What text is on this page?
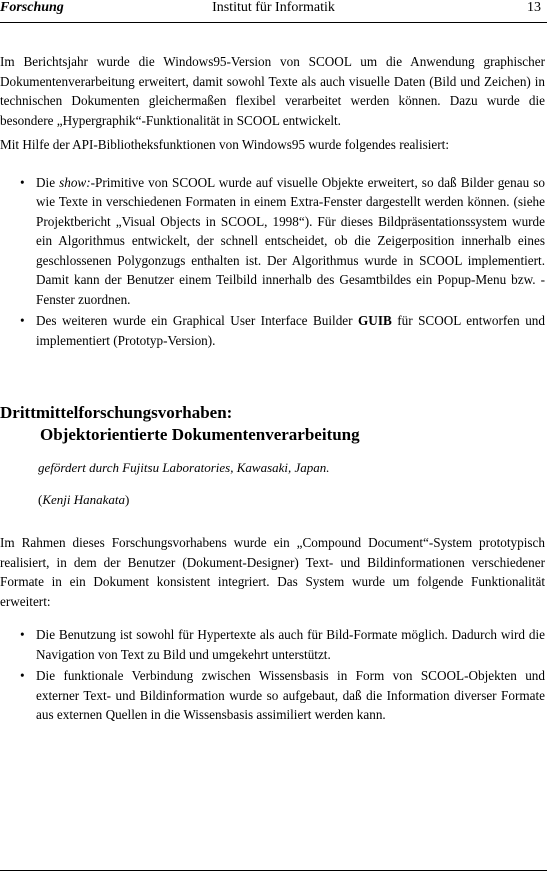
Forschung	Institut für Informatik	13

Im Berichtsjahr wurde die Windows95-Version von SCOOL um die Anwendung graphischer Dokumentenverarbeitung erweitert, damit sowohl Texte als auch visuelle Daten (Bild und Zeichen) in technischen Dokumenten gleichermaßen flexibel verarbeitet werden können. Dazu wurde die besondere „Hypergraphik“-Funktionalität in SCOOL entwickelt.

Mit Hilfe der API-Bibliotheksfunktionen von Windows95 wurde folgendes realisiert:

• Die show:-Primitive von SCOOL wurde auf visuelle Objekte erweitert, so daß Bilder genau so wie Texte in verschiedenen Formaten in einem Extra-Fenster dargestellt werden können. (siehe Projektbericht „Visual Objects in SCOOL, 1998“). Für dieses Bildpräsentationssystem wurde ein Algorithmus entwickelt, der schnell entscheidet, ob die Zeigerposition innerhalb eines geschlossenen Polygonzugs enthalten ist. Der Algorithmus wurde in SCOOL implementiert. Damit kann der Benutzer einem Teilbild innerhalb des Gesamtbildes ein Popup-Menu bzw. -Fenster zuordnen.
• Des weiteren wurde ein Graphical User Interface Builder GUIB für SCOOL entworfen und implementiert (Prototyp-Version).
Drittmittelforschungsvorhaben:
Objektorientierte Dokumentenverarbeitung
gefördert durch Fujitsu Laboratories, Kawasaki, Japan.
(Kenji Hanakata)

Im Rahmen dieses Forschungsvorhabens wurde ein „Compound Document“-System prototypisch realisiert, in dem der Benutzer (Dokument-Designer) Text- und Bildinformationen verschiedener Formate in ein Dokument konsistent integriert. Das System wurde um folgende Funktionalität erweitert:

• Die Benutzung ist sowohl für Hypertexte als auch für Bild-Formate möglich. Dadurch wird die Navigation von Text zu Bild und umgekehrt unterstützt.
• Die funktionale Verbindung zwischen Wissensbasis in Form von SCOOL-Objekten und externer Text- und Bildinformation wurde so aufgebaut, daß die Information diverser Formate aus externen Quellen in die Wissensbasis assimiliert werden kann.
